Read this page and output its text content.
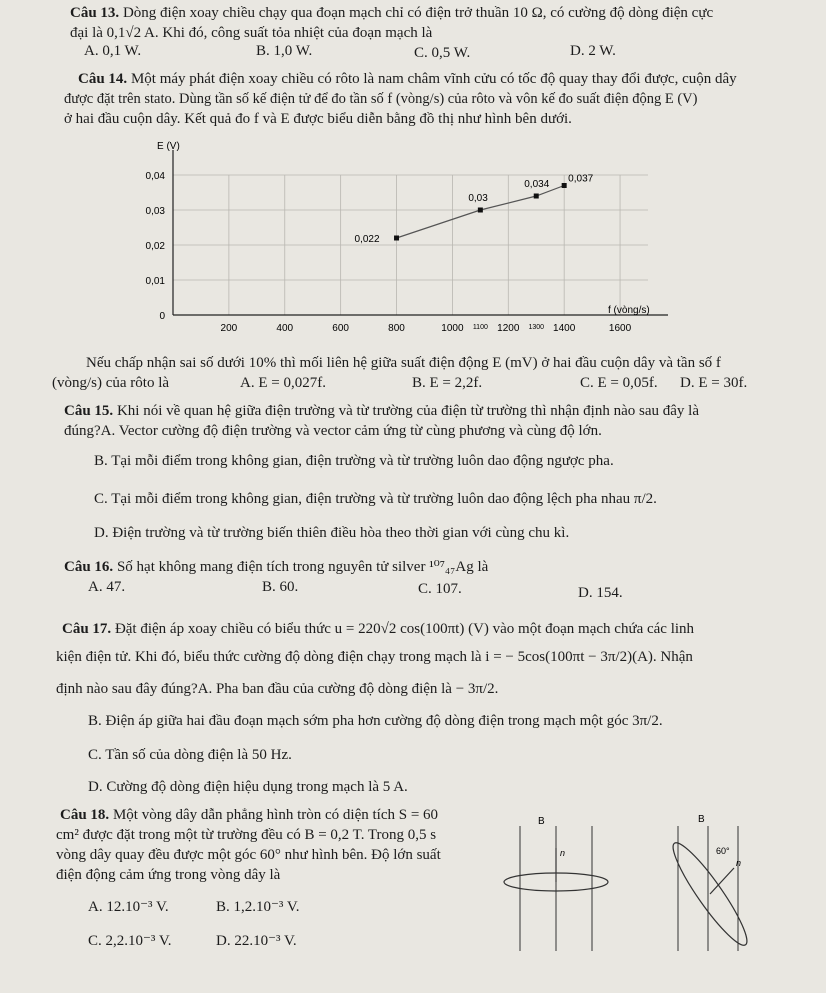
Câu 13. Dòng điện xoay chiều chạy qua đoạn mạch chỉ có điện trở thuần 10 Ω, có cường độ dòng điện cực
đại là 0,1√2 A. Khi đó, công suất tỏa nhiệt của đoạn mạch là
A. 0,1 W.	B. 1,0 W.	C. 0,5 W.	D. 2 W.
Câu 14. Một máy phát điện xoay chiều có rôto là nam châm vĩnh cửu có tốc độ quay thay đổi được, cuộn dây
được đặt trên stato. Dùng tần số kế điện tử để đo tần số f (vòng/s) của rôto và vôn kế đo suất điện động E (V)
ở hai đầu cuộn dây. Kết quả đo f và E được biểu diễn bằng đồ thị như hình bên dưới.
0
0,01
0,02
0,03
0,04
200	400	600	800	1000 1100 1200 1300 1400	1600
E (V)
f (vòng/s)
0,022
0,03
0,034 0,037
Nếu chấp nhận sai số dưới 10% thì mối liên hệ giữa suất điện động E (mV) ở hai đầu cuộn dây và tần số f
(vòng/s) của rôto là	A. E = 0,027f.	B. E = 2,2f.	C. E = 0,05f. D. E = 30f.
Câu 15. Khi nói về quan hệ giữa điện trường và từ trường của điện từ trường thì nhận định nào sau đây là
đúng?A. Vector cường độ điện trường và vector cảm ứng từ cùng phương và cùng độ lớn.
B. Tại mỗi điểm trong không gian, điện trường và từ trường luôn dao động ngược pha.
C. Tại mỗi điểm trong không gian, điện trường và từ trường luôn dao động lệch pha nhau π/2.
D. Điện trường và từ trường biến thiên điều hòa theo thời gian với cùng chu kì.
Câu 16. Số hạt không mang điện tích trong nguyên tử silver ¹⁰⁷₄₇Ag là
A. 47.	B. 60.	C. 107.	D. 154.
Câu 17. Đặt điện áp xoay chiều có biểu thức u = 220√2 cos(100πt) (V) vào một đoạn mạch chứa các linh
kiện điện tử. Khi đó, biểu thức cường độ dòng điện chạy trong mạch là i = − 5cos(100πt − 3π/2)(A). Nhận
định nào sau đây đúng?A. Pha ban đầu của cường độ dòng điện là − 3π/2.
B. Điện áp giữa hai đầu đoạn mạch sớm pha hơn cường độ dòng điện trong mạch một góc 3π/2.
C. Tần số của dòng điện là 50 Hz.
D. Cường độ dòng điện hiệu dụng trong mạch là 5 A.
Câu 18. Một vòng dây dẫn phẳng hình tròn có diện tích S = 60
cm² được đặt trong một từ trường đều có B = 0,2 T. Trong 0,5 s
vòng dây quay đều được một góc 60° như hình bên. Độ lớn suất
điện động cảm ứng trong vòng dây là
A. 12.10⁻³ V.	B. 1,2.10⁻³ V.
C. 2,2.10⁻³ V.	D. 22.10⁻³ V.
B
n
B
60°
n
